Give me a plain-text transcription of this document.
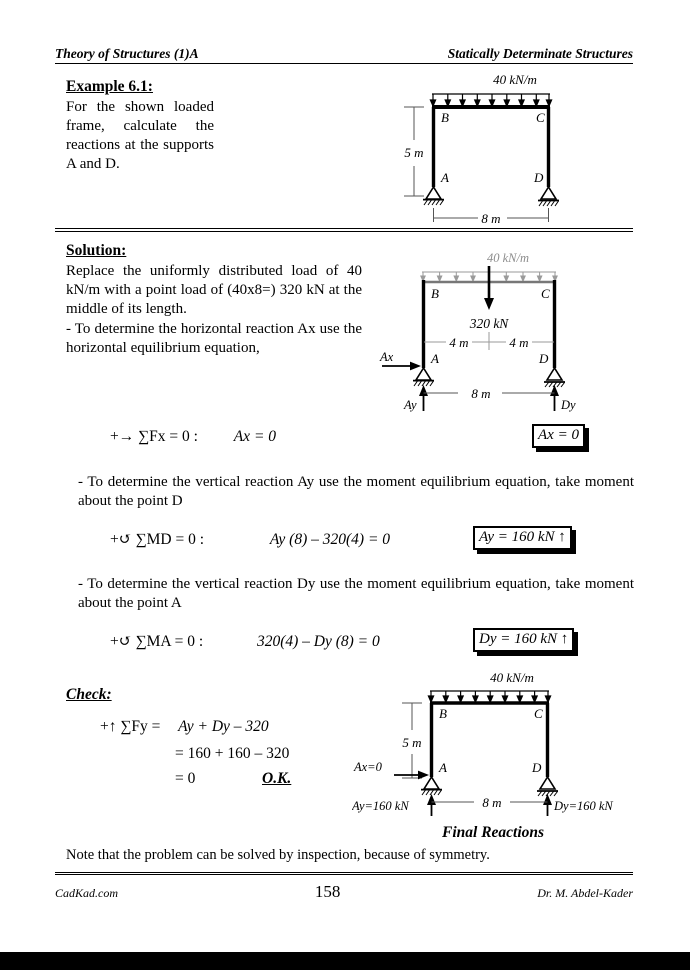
Theory of Structures (1)A	Statically Determinate Structures
Example 6.1:
For the shown loaded frame, calculate the reactions at the supports A and D.
40 kN/m
B	C
A	D
5 m
8 m
Solution:
Replace the uniformly distributed load of 40 kN/m with a point load of (40x8=) 320 kN at the middle of its length.
- To determine the horizontal reaction Ax use the horizontal equilibrium equation,
40 kN/m
320 kN
B	C
A	D
4 m	4 m
Ax
Ay	Dy
8 m
+→ ∑Fx = 0 : Ax = 0	Ax = 0
- To determine the vertical reaction Ay use the moment equilibrium equation, take moment about the point D
+↺ ∑MD = 0 :	Ay (8) – 320(4) = 0	Ay = 160 kN ↑
- To determine the vertical reaction Dy use the moment equilibrium equation, take moment about the point A
+↺ ∑MA = 0 :	320(4) – Dy (8) = 0	Dy = 160 kN ↑
Check:
+↑ ∑Fy = Ay + Dy – 320
= 160 + 160 – 320
= 0	O.K.
40 kN/m
B	C
A	D
5 m
Ax=0
Ay=160 kN	Dy=160 kN
8 m
Final Reactions
Note that the problem can be solved by inspection, because of symmetry.
CadKad.com	158	Dr. M. Abdel-Kader
